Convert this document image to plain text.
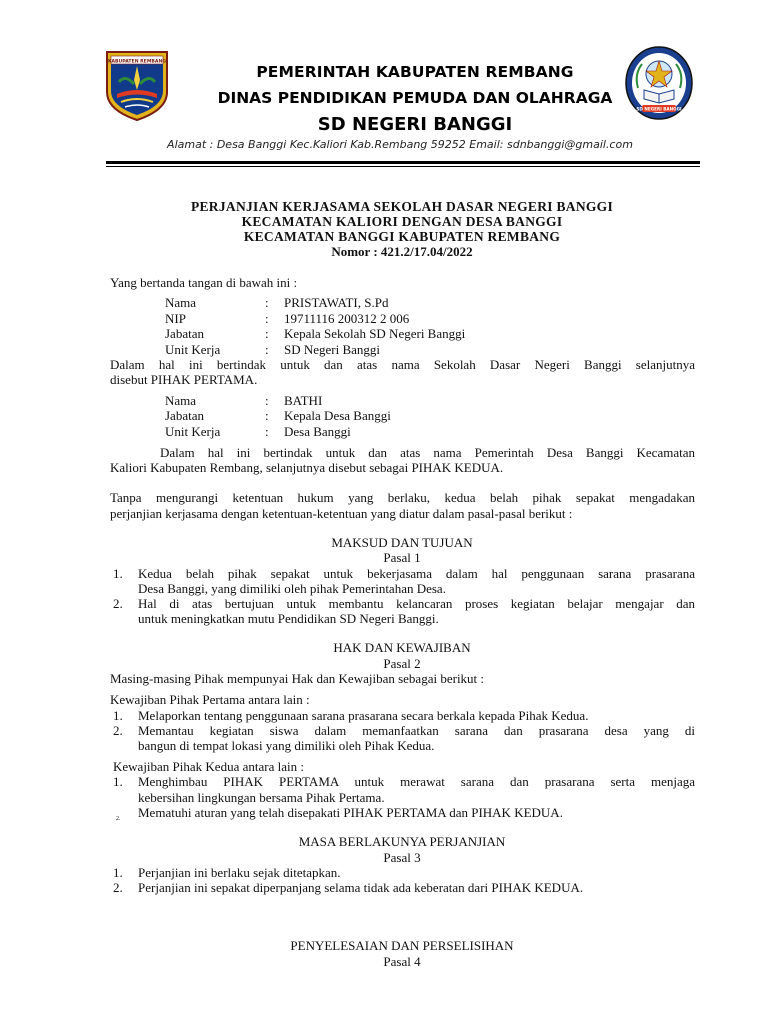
KABUPATEN REMBANG
PEMERINTAH KABUPATEN REMBANG
DINAS PENDIDIKAN PEMUDA DAN OLAHRAGA
SD NEGERI BANGGI
SD NEGERI BANGGI
Alamat : Desa Banggi Kec.Kaliori Kab.Rembang 59252 Email: sdnbanggi@gmail.com
PERJANJIAN KERJASAMA SEKOLAH DASAR NEGERI BANGGI
KECAMATAN KALIORI DENGAN DESA BANGGI
KECAMATAN BANGGI KABUPATEN REMBANG
Nomor : 421.2/17.04/2022
Yang bertanda tangan di bawah ini :
Nama	: PRISTAWATI, S.Pd
NIP	: 19711116 200312 2 006
Jabatan	: Kepala Sekolah SD Negeri Banggi
Unit Kerja	: SD Negeri Banggi
Dalam hal ini bertindak untuk dan atas nama Sekolah Dasar Negeri Banggi selanjutnya
disebut PIHAK PERTAMA.
Nama	: BATHI
Jabatan	: Kepala Desa Banggi
Unit Kerja	: Desa Banggi
Dalam hal ini bertindak untuk dan atas nama Pemerintah Desa Banggi Kecamatan
Kaliori Kabupaten Rembang, selanjutnya disebut sebagai PIHAK KEDUA.
Tanpa mengurangi ketentuan hukum yang berlaku, kedua belah pihak sepakat mengadakan
perjanjian kerjasama dengan ketentuan-ketentuan yang diatur dalam pasal-pasal berikut :
MAKSUD DAN TUJUAN
Pasal 1
1. Kedua belah pihak sepakat untuk bekerjasama dalam hal penggunaan sarana prasarana
Desa Banggi, yang dimiliki oleh pihak Pemerintahan Desa.
2. Hal di atas bertujuan untuk membantu kelancaran proses kegiatan belajar mengajar dan
untuk meningkatkan mutu Pendidikan SD Negeri Banggi.
HAK DAN KEWAJIBAN
Pasal 2
Masing-masing Pihak mempunyai Hak dan Kewajiban sebagai berikut :
Kewajiban Pihak Pertama antara lain :
1. Melaporkan tentang penggunaan sarana prasarana secara berkala kepada Pihak Kedua.
2. Memantau kegiatan siswa dalam memanfaatkan sarana dan prasarana desa yang di
bangun di tempat lokasi yang dimiliki oleh Pihak Kedua.
Kewajiban Pihak Kedua antara lain :
1. Menghimbau PIHAK PERTAMA untuk merawat sarana dan prasarana serta menjaga
kebersihan lingkungan bersama Pihak Pertama.
2. Mematuhi aturan yang telah disepakati PIHAK PERTAMA dan PIHAK KEDUA.
MASA BERLAKUNYA PERJANJIAN
Pasal 3
1. Perjanjian ini berlaku sejak ditetapkan.
2. Perjanjian ini sepakat diperpanjang selama tidak ada keberatan dari PIHAK KEDUA.
PENYELESAIAN DAN PERSELISIHAN
Pasal 4
